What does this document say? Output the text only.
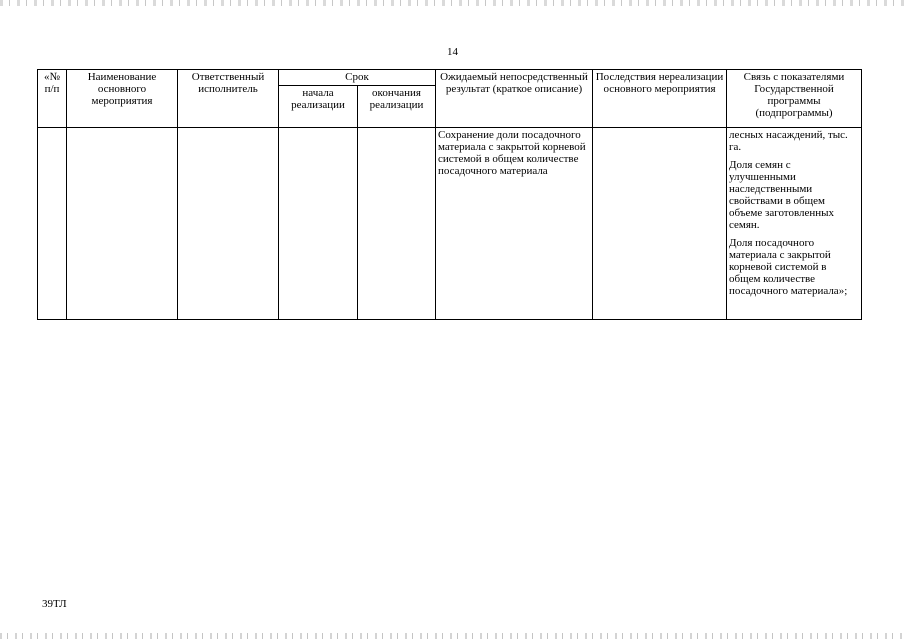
14
«№ п/п	Наименование основного мероприятия	Ответственный исполнитель	Срок		Ожидаемый непосредственный результат (краткое описание)	Последствия нереализации основного мероприятия	Связь с показателями Государственной программы (подпрограммы)
			начала реализации	окончания реализации			
					Сохранение доли посадочного материала с закрытой корневой системой в общем количестве посадочного материала		лесных насаждений, тыс. га.
Доля семян с улучшенными наследственными свойствами в общем объеме заготовленных семян.
Доля посадочного материала с закрытой корневой системой в общем количестве посадочного материала»;
39ТЛ
